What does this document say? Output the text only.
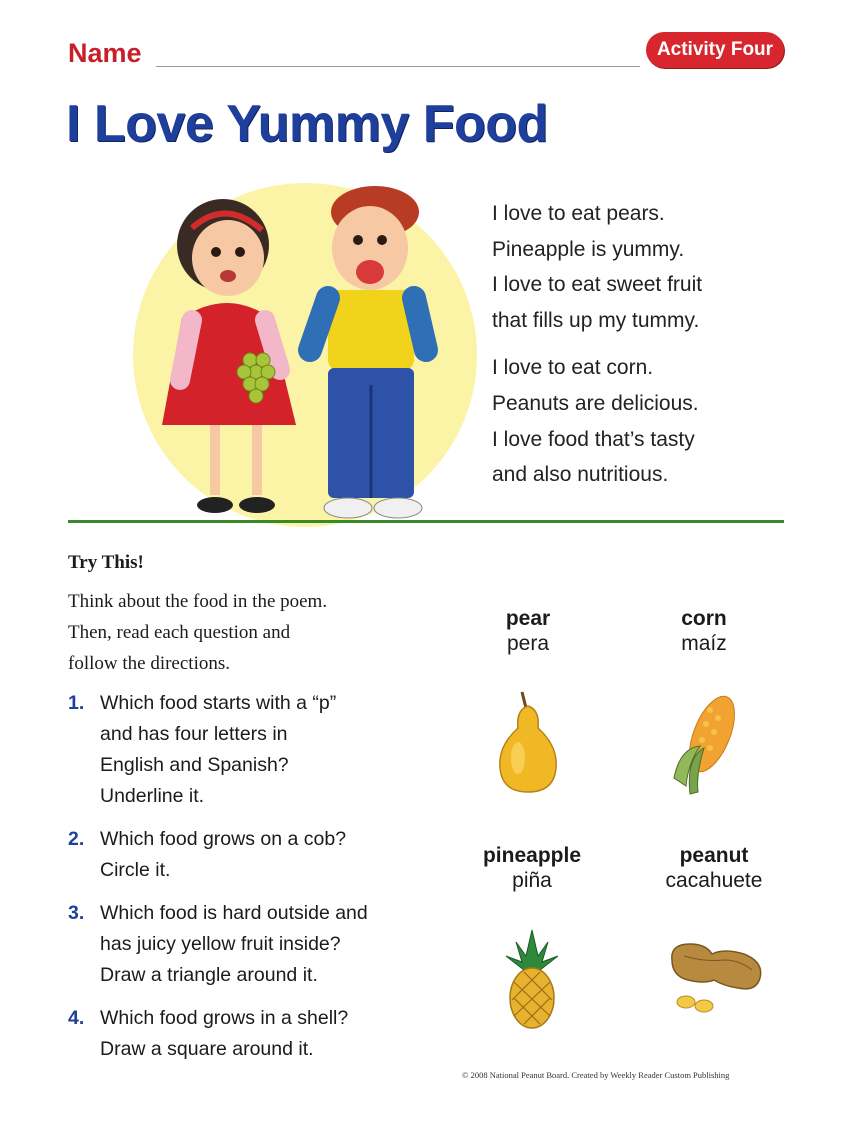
Name	Activity Four
I Love Yummy Food
I love to eat pears.
Pineapple is yummy.
I love to eat sweet fruit
that fills up my tummy.
I love to eat corn.
Peanuts are delicious.
I love food that’s tasty
and also nutritious.
Try This!
Think about the food in the poem.
Then, read each question and
follow the directions.
1. Which food starts with a “p”
and has four letters in
English and Spanish?
Underline it.
2. Which food grows on a cob?
Circle it.
3. Which food is hard outside and
has juicy yellow fruit inside?
Draw a triangle around it.
4. Which food grows in a shell?
Draw a square around it.
pear
pera
corn
maíz
pineapple
piña
peanut
cacahuete
© 2008 National Peanut Board. Created by Weekly Reader Custom Publishing
